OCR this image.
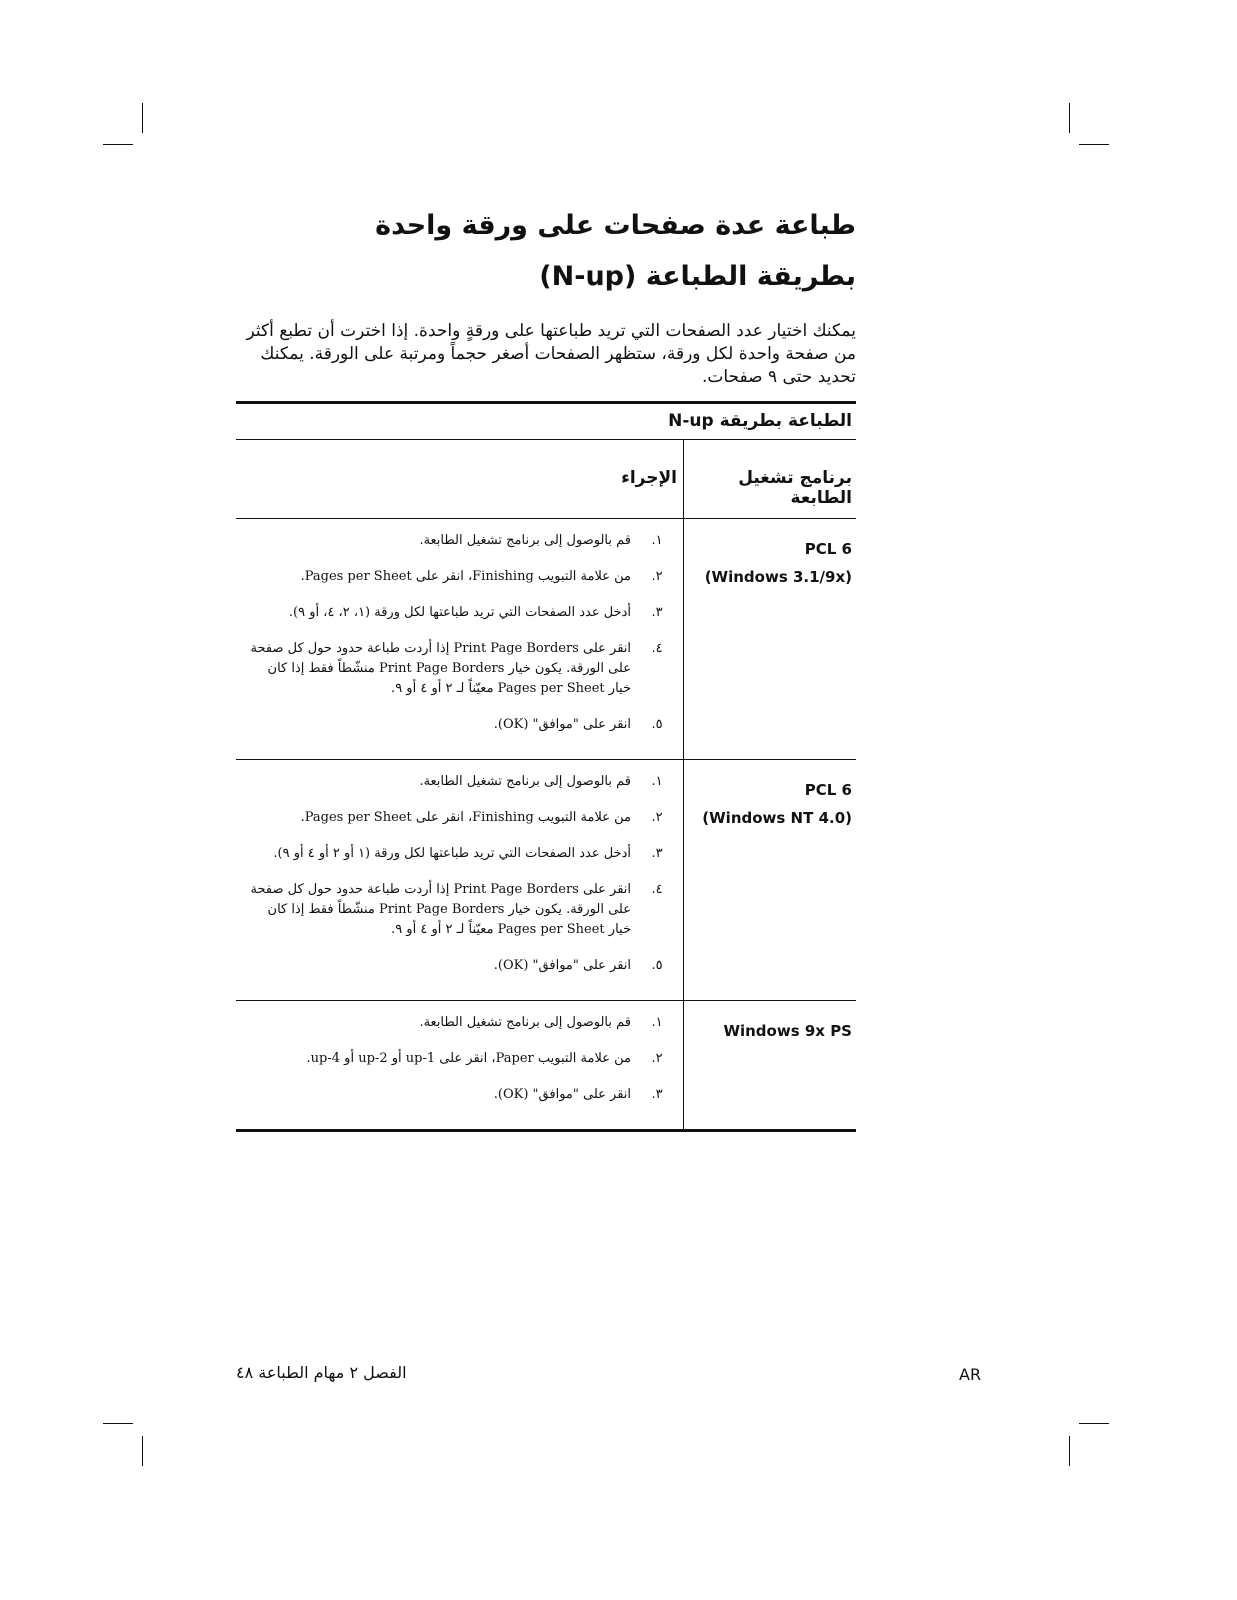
طباعة عدة صفحات على ورقة واحدة
بطريقة الطباعة (N-up)

يمكنك اختيار عدد الصفحات التي تريد طباعتها على ورقةٍ واحدة. إذا اخترت أن تطبع أكثر من صفحة واحدة لكل ورقة، ستظهر الصفحات أصغر حجماً ومرتبة على الورقة. يمكنك تحديد حتى ٩ صفحات.

الطباعة بطريقة N-up
برنامج تشغيل الطابعة
الإجراء
PCL 6
(Windows 3.1/9x)
١.
قم بالوصول إلى برنامج تشغيل الطابعة.
٢.
من علامة التبويب Finishing، انقر على Pages per Sheet.
٣.
أدخل عدد الصفحات التي تريد طباعتها لكل ورقة (١، ٢، ٤، أو ٩).
٤.
انقر على Print Page Borders إذا أردت طباعة حدود حول كل صفحة على الورقة. يكون خيار Print Page Borders منشّطاً فقط إذا كان خيار Pages per Sheet معيّناً لـ ٢ أو ٤ أو ٩.
٥.
انقر على "موافق" (OK).
PCL 6
(Windows NT 4.0)
١.
قم بالوصول إلى برنامج تشغيل الطابعة.
٢.
من علامة التبويب Finishing، انقر على Pages per Sheet.
٣.
أدخل عدد الصفحات التي تريد طباعتها لكل ورقة (١ أو ٢ أو ٤ أو ٩).
٤.
انقر على Print Page Borders إذا أردت طباعة حدود حول كل صفحة على الورقة. يكون خيار Print Page Borders منشّطاً فقط إذا كان خيار Pages per Sheet معيّناً لـ ٢ أو ٤ أو ٩.
٥.
انقر على "موافق" (OK).
Windows 9x PS
١.
قم بالوصول إلى برنامج تشغيل الطابعة.
٢.
من علامة التبويب Paper، انقر على 1-up أو 2-up أو 4-up.
٣.
انقر على "موافق" (OK).
الفصل ٢ مهام الطباعة ٤٨	AR
